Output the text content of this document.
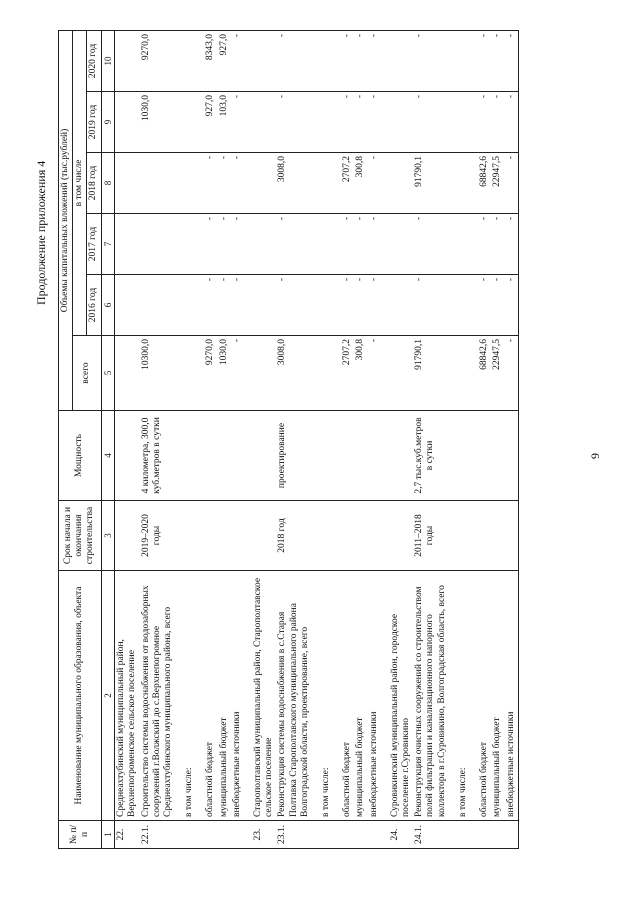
9
Продолжение приложения 4
№ п/п	Наименование муниципального образования, объекта	Срок начала и окончания строительства	Мощность	Объемы капитальных вложений (тыс.рублей)					
				всего	в том числе				
					2016 год	2017 год	2018 год	2019 год	2020 год
1	2	3	4	5	6	7	8	9	10
22.	Среднеахтубинский муниципальный район, Верхнепогроменское сельское поселение								
22.1.	Строительство системы водоснабжения от водозаборных сооружений г.Волжский до с.Верхнепогромное Среднеахтубинского муниципального района, всего	2019–2020 годы	4 километра, 300,0 куб.метров в сутки	10300,0				1030,0	9270,0

	в том числе:								

	областной бюджет			9270,0	-	-	-	927,0	8343,0
	муниципальный бюджет			1030,0	-	-	-	103,0	927,0
	внебюджетные источники			-	-	-	-	-	-

23.	Старополтавский муниципальный район, Старополтавское сельское поселение								
23.1.	Реконструкция системы водоснабжения в с.Старая Полтавка Старополтавского муниципального района Волгоградской области, проектирование, всего	2018 год	проектирование	3008,0	-	-	3008,0	-	-

	в том числе:								

	областной бюджет			2707,2	-	-	2707,2	-	-
	муниципальный бюджет			300,8	-	-	300,8	-	-
	внебюджетные источники			-	-	-	-	-	-

24.	Суровикинский муниципальный район, городское поселение г.Суровикино								
24.1.	Реконструкция очистных сооружений со строительством полей фильтрации и канализационного напорного коллектора в г.Суровикино, Волгоградская область, всего	2011–2018 годы	2,7 тыс.куб.метров в сутки	91790,1	-	-	91790,1	-	-

	в том числе:								

	областной бюджет			68842,6	-	-	68842,6	-	-
	муниципальный бюджет			22947,5	-	-	22947,5	-	-
	внебюджетные источники			-	-	-	-	-	-
